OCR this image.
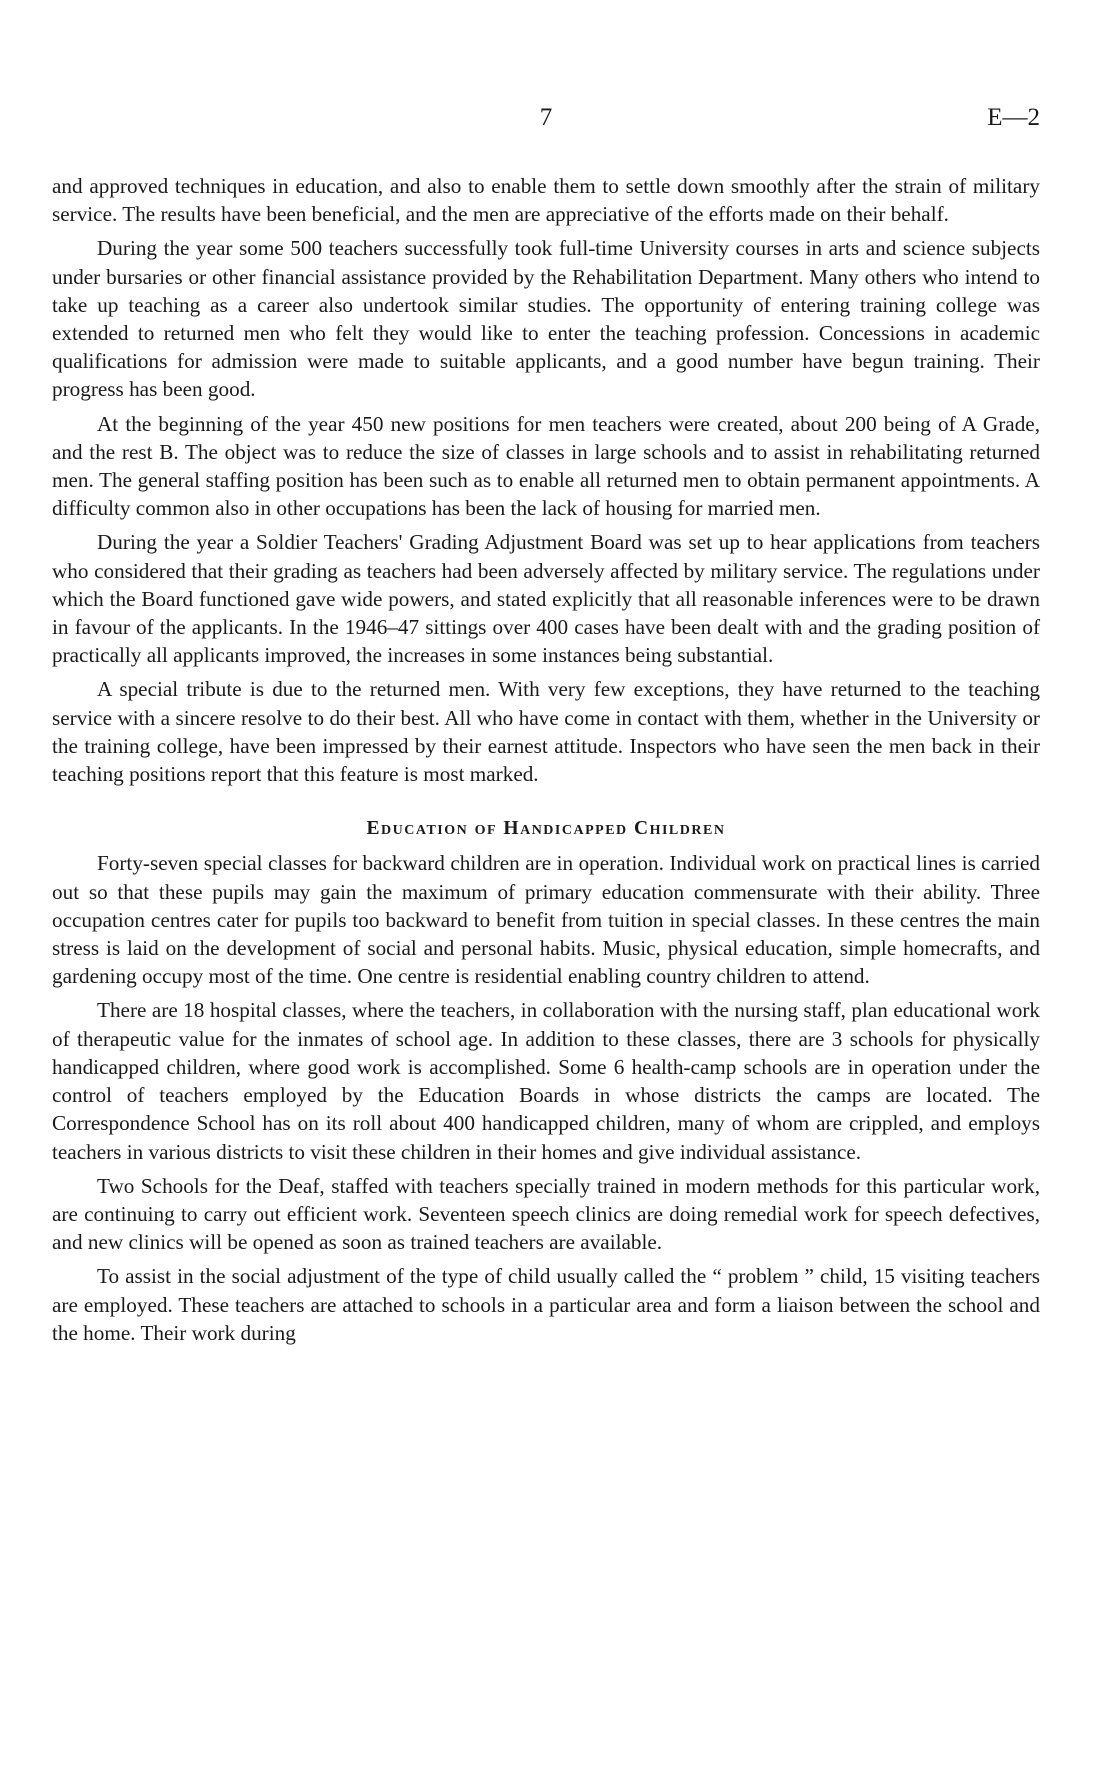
7	E—2

and approved techniques in education, and also to enable them to settle down smoothly after the strain of military service. The results have been beneficial, and the men are appreciative of the efforts made on their behalf.

During the year some 500 teachers successfully took full-time University courses in arts and science subjects under bursaries or other financial assistance provided by the Rehabilitation Department. Many others who intend to take up teaching as a career also undertook similar studies. The opportunity of entering training college was extended to returned men who felt they would like to enter the teaching profession. Concessions in academic qualifications for admission were made to suitable applicants, and a good number have begun training. Their progress has been good.

At the beginning of the year 450 new positions for men teachers were created, about 200 being of A Grade, and the rest B. The object was to reduce the size of classes in large schools and to assist in rehabilitating returned men. The general staffing position has been such as to enable all returned men to obtain permanent appointments. A difficulty common also in other occupations has been the lack of housing for married men.

During the year a Soldier Teachers' Grading Adjustment Board was set up to hear applications from teachers who considered that their grading as teachers had been adversely affected by military service. The regulations under which the Board functioned gave wide powers, and stated explicitly that all reasonable inferences were to be drawn in favour of the applicants. In the 1946–47 sittings over 400 cases have been dealt with and the grading position of practically all applicants improved, the increases in some instances being substantial.

A special tribute is due to the returned men. With very few exceptions, they have returned to the teaching service with a sincere resolve to do their best. All who have come in contact with them, whether in the University or the training college, have been impressed by their earnest attitude. Inspectors who have seen the men back in their teaching positions report that this feature is most marked.

Education of Handicapped Children

Forty-seven special classes for backward children are in operation. Individual work on practical lines is carried out so that these pupils may gain the maximum of primary education commensurate with their ability. Three occupation centres cater for pupils too backward to benefit from tuition in special classes. In these centres the main stress is laid on the development of social and personal habits. Music, physical education, simple homecrafts, and gardening occupy most of the time. One centre is residential enabling country children to attend.

There are 18 hospital classes, where the teachers, in collaboration with the nursing staff, plan educational work of therapeutic value for the inmates of school age. In addition to these classes, there are 3 schools for physically handicapped children, where good work is accomplished. Some 6 health-camp schools are in operation under the control of teachers employed by the Education Boards in whose districts the camps are located. The Correspondence School has on its roll about 400 handicapped children, many of whom are crippled, and employs teachers in various districts to visit these children in their homes and give individual assistance.

Two Schools for the Deaf, staffed with teachers specially trained in modern methods for this particular work, are continuing to carry out efficient work. Seventeen speech clinics are doing remedial work for speech defectives, and new clinics will be opened as soon as trained teachers are available.

To assist in the social adjustment of the type of child usually called the “ problem ” child, 15 visiting teachers are employed. These teachers are attached to schools in a particular area and form a liaison between the school and the home. Their work during
